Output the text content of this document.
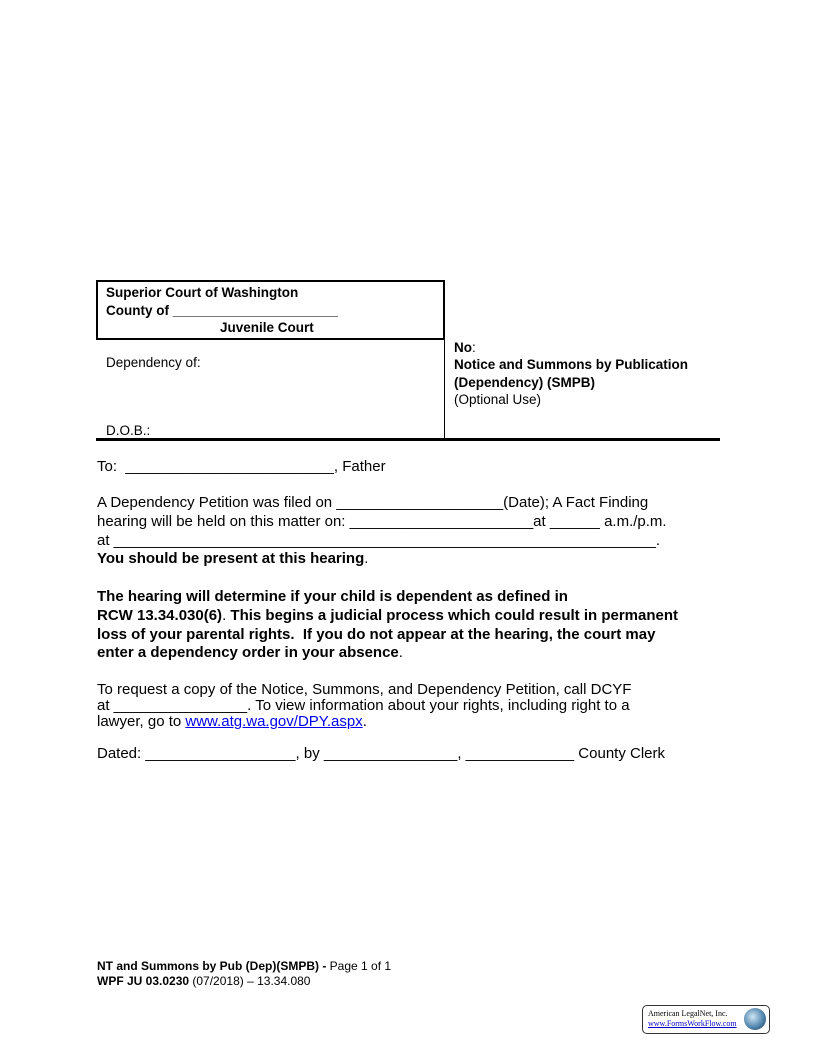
Superior Court of Washington
County of ______________________
Juvenile Court
Dependency of:
D.O.B.:
No:
Notice and Summons by Publication
(Dependency) (SMPB)
(Optional Use)
To:  _________________________, Father
A Dependency Petition was filed on ____________________(Date); A Fact Finding
hearing will be held on this matter on: ______________________at ______ a.m./p.m.
at _________________________________________________________________.
You should be present at this hearing.
The hearing will determine if your child is dependent as defined in
RCW 13.34.030(6). This begins a judicial process which could result in permanent
loss of your parental rights.  If you do not appear at the hearing, the court may
enter a dependency order in your absence.
To request a copy of the Notice, Summons, and Dependency Petition, call DCYF
at ________________. To view information about your rights, including right to a
lawyer, go to www.atg.wa.gov/DPY.aspx.
Dated: __________________, by ________________, _____________ County Clerk
NT and Summons by Pub (Dep)(SMPB) - Page 1 of 1
WPF JU 03.0230 (07/2018) – 13.34.080
American LegalNet, Inc.
www.FormsWorkFlow.com
